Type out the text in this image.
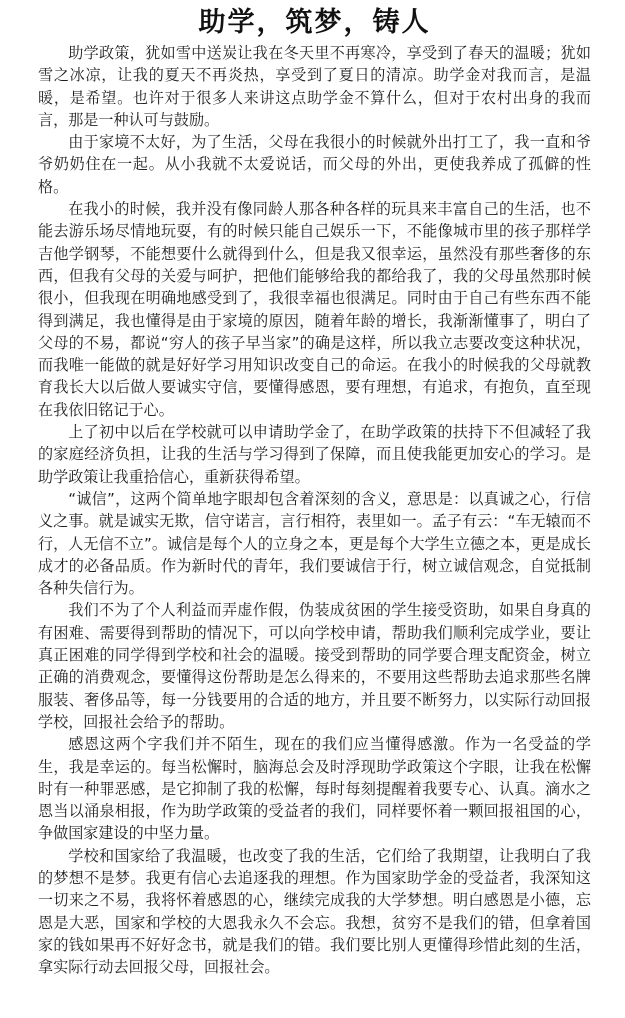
助学，筑梦，铸人

助学政策，犹如雪中送炭让我在冬天里不再寒冷，享受到了春天的温暖；犹如雪之冰凉，让我的夏天不再炎热，享受到了夏日的清凉。助学金对我而言，是温暖，是希望。也许对于很多人来讲这点助学金不算什么，但对于农村出身的我而言，那是一种认可与鼓励。

由于家境不太好，为了生活，父母在我很小的时候就外出打工了，我一直和爷爷奶奶住在一起。从小我就不太爱说话，而父母的外出，更使我养成了孤僻的性格。

在我小的时候，我并没有像同龄人那各种各样的玩具来丰富自己的生活，也不能去游乐场尽情地玩耍，有的时候只能自己娱乐一下，不能像城市里的孩子那样学吉他学钢琴，不能想要什么就得到什么，但是我又很幸运，虽然没有那些奢侈的东西，但我有父母的关爱与呵护，把他们能够给我的都给我了，我的父母虽然那时候很小，但我现在明确地感受到了，我很幸福也很满足。同时由于自己有些东西不能得到满足，我也懂得是由于家境的原因，随着年龄的增长，我渐渐懂事了，明白了父母的不易，都说“穷人的孩子早当家”的确是这样，所以我立志要改变这种状况，而我唯一能做的就是好好学习用知识改变自己的命运。在我小的时候我的父母就教育我长大以后做人要诚实守信，要懂得感恩，要有理想，有追求，有抱负，直至现在我依旧铭记于心。

上了初中以后在学校就可以申请助学金了，在助学政策的扶持下不但减轻了我的家庭经济负担，让我的生活与学习得到了保障，而且使我能更加安心的学习。是助学政策让我重拾信心，重新获得希望。

“诚信”，这两个简单地字眼却包含着深刻的含义，意思是：以真诚之心，行信义之事。就是诚实无欺，信守诺言，言行相符，表里如一。孟子有云：“车无辕而不行，人无信不立”。诚信是每个人的立身之本，更是每个大学生立德之本，更是成长成才的必备品质。作为新时代的青年，我们要诚信于行，树立诚信观念，自觉抵制各种失信行为。

我们不为了个人利益而弄虚作假，伪装成贫困的学生接受资助，如果自身真的有困难、需要得到帮助的情况下，可以向学校申请，帮助我们顺利完成学业，要让真正困难的同学得到学校和社会的温暖。接受到帮助的同学要合理支配资金，树立正确的消费观念，要懂得这份帮助是怎么得来的，不要用这些帮助去追求那些名牌服装、奢侈品等，每一分钱要用的合适的地方，并且要不断努力，以实际行动回报学校，回报社会给予的帮助。

感恩这两个字我们并不陌生，现在的我们应当懂得感激。作为一名受益的学生，我是幸运的。每当松懈时，脑海总会及时浮现助学政策这个字眼，让我在松懈时有一种罪恶感，是它抑制了我的松懈，每时每刻提醒着我要专心、认真。滴水之恩当以涌泉相报，作为助学政策的受益者的我们，同样要怀着一颗回报祖国的心，争做国家建设的中坚力量。

学校和国家给了我温暖，也改变了我的生活，它们给了我期望，让我明白了我的梦想不是梦。我更有信心去追逐我的理想。作为国家助学金的受益者，我深知这一切来之不易，我将怀着感恩的心，继续完成我的大学梦想。明白感恩是小德，忘恩是大恶，国家和学校的大恩我永久不会忘。我想，贫穷不是我们的错，但拿着国家的钱如果再不好好念书，就是我们的错。我们要比别人更懂得珍惜此刻的生活，拿实际行动去回报父母，回报社会。
